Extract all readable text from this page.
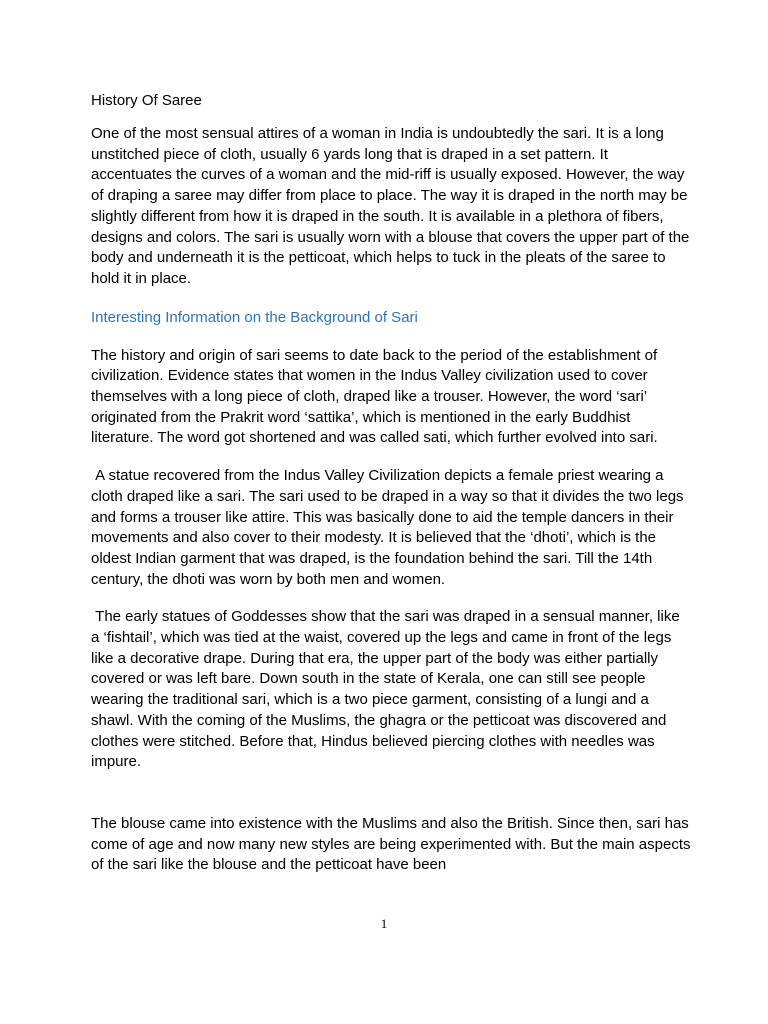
History Of Saree

One of the most sensual attires of a woman in India is undoubtedly the sari. It is a long unstitched piece of cloth, usually 6 yards long that is draped in a set pattern. It accentuates the curves of a woman and the mid-riff is usually exposed. However, the way of draping a saree may differ from place to place. The way it is draped in the north may be slightly different from how it is draped in the south. It is available in a plethora of fibers, designs and colors. The sari is usually worn with a blouse that covers the upper part of the body and underneath it is the petticoat, which helps to tuck in the pleats of the saree to hold it in place.

Interesting Information on the Background of Sari

The history and origin of sari seems to date back to the period of the establishment of civilization. Evidence states that women in the Indus Valley civilization used to cover themselves with a long piece of cloth, draped like a trouser. However, the word ‘sari’ originated from the Prakrit word ‘sattika’, which is mentioned in the early Buddhist literature. The word got shortened and was called sati, which further evolved into sari.

A statue recovered from the Indus Valley Civilization depicts a female priest wearing a cloth draped like a sari. The sari used to be draped in a way so that it divides the two legs and forms a trouser like attire. This was basically done to aid the temple dancers in their movements and also cover to their modesty. It is believed that the ‘dhoti’, which is the oldest Indian garment that was draped, is the foundation behind the sari. Till the 14th century, the dhoti was worn by both men and women.

The early statues of Goddesses show that the sari was draped in a sensual manner, like a ‘fishtail’, which was tied at the waist, covered up the legs and came in front of the legs like a decorative drape. During that era, the upper part of the body was either partially covered or was left bare. Down south in the state of Kerala, one can still see people wearing the traditional sari, which is a two piece garment, consisting of a lungi and a shawl. With the coming of the Muslims, the ghagra or the petticoat was discovered and clothes were stitched. Before that, Hindus believed piercing clothes with needles was impure.

The blouse came into existence with the Muslims and also the British. Since then, sari has come of age and now many new styles are being experimented with. But the main aspects of the sari like the blouse and the petticoat have been

1
